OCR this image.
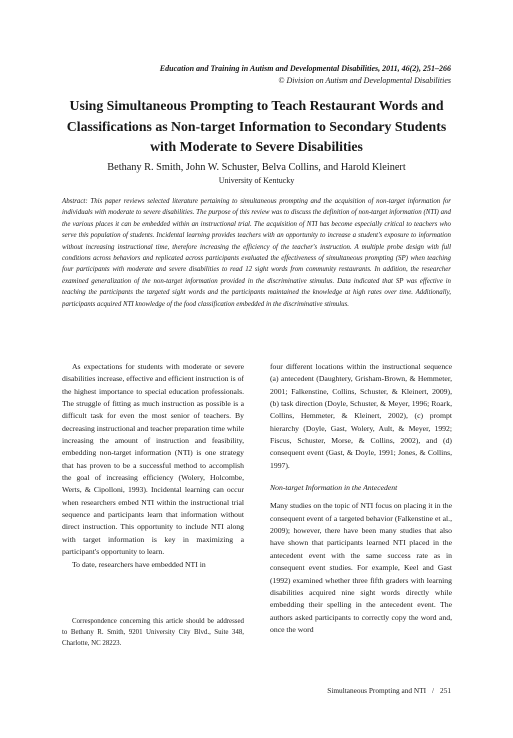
Education and Training in Autism and Developmental Disabilities, 2011, 46(2), 251–266
© Division on Autism and Developmental Disabilities
Using Simultaneous Prompting to Teach Restaurant Words and Classifications as Non-target Information to Secondary Students with Moderate to Severe Disabilities
Bethany R. Smith, John W. Schuster, Belva Collins, and Harold Kleinert
University of Kentucky

Abstract: This paper reviews selected literature pertaining to simultaneous prompting and the acquisition of non-target information for individuals with moderate to severe disabilities. The purpose of this review was to discuss the definition of non-target information (NTI) and the various places it can be embedded within an instructional trial. The acquisition of NTI has become especially critical to teachers who serve this population of students. Incidental learning provides teachers with an opportunity to increase a student's exposure to information without increasing instructional time, therefore increasing the efficiency of the teacher's instruction. A multiple probe design with full conditions across behaviors and replicated across participants evaluated the effectiveness of simultaneous prompting (SP) when teaching four participants with moderate and severe disabilities to read 12 sight words from community restaurants. In addition, the researcher examined generalization of the non-target information provided in the discriminative stimulus. Data indicated that SP was effective in teaching the participants the targeted sight words and the participants maintained the knowledge at high rates over time. Additionally, participants acquired NTI knowledge of the food classification embedded in the discriminative stimulus.

As expectations for students with moderate or severe disabilities increase, effective and efficient instruction is of the highest importance to special education professionals. The struggle of fitting as much instruction as possible is a difficult task for even the most senior of teachers. By decreasing instructional and teacher preparation time while increasing the amount of instruction and feasibility, embedding non-target information (NTI) is one strategy that has proven to be a successful method to accomplish the goal of increasing efficiency (Wolery, Holcombe, Werts, & Cipolloni, 1993). Incidental learning can occur when researchers embed NTI within the instructional trial sequence and participants learn that information without direct instruction. This opportunity to include NTI along with target information is key in maximizing a participant's opportunity to learn.

To date, researchers have embedded NTI in

Correspondence concerning this article should be addressed to Bethany R. Smith, 9201 University City Blvd., Suite 348, Charlotte, NC 28223.

four different locations within the instructional sequence (a) antecedent (Daughtery, Grisham-Brown, & Hemmeter, 2001; Falkenstine, Collins, Schuster, & Kleinert, 2009), (b) task direction (Doyle, Schuster, & Meyer, 1996; Roark, Collins, Hemmeter, & Kleinert, 2002), (c) prompt hierarchy (Doyle, Gast, Wolery, Ault, & Meyer, 1992; Fiscus, Schuster, Morse, & Collins, 2002), and (d) consequent event (Gast, & Doyle, 1991; Jones, & Collins, 1997).

Non-target Information in the Antecedent

Many studies on the topic of NTI focus on placing it in the consequent event of a targeted behavior (Falkenstine et al., 2009); however, there have been many studies that also have shown that participants learned NTI placed in the antecedent event with the same success rate as in consequent event studies. For example, Keel and Gast (1992) examined whether three fifth graders with learning disabilities acquired nine sight words directly while embedding their spelling in the antecedent event. The authors asked participants to correctly copy the word and, once the word

Simultaneous Prompting and NTI / 251
